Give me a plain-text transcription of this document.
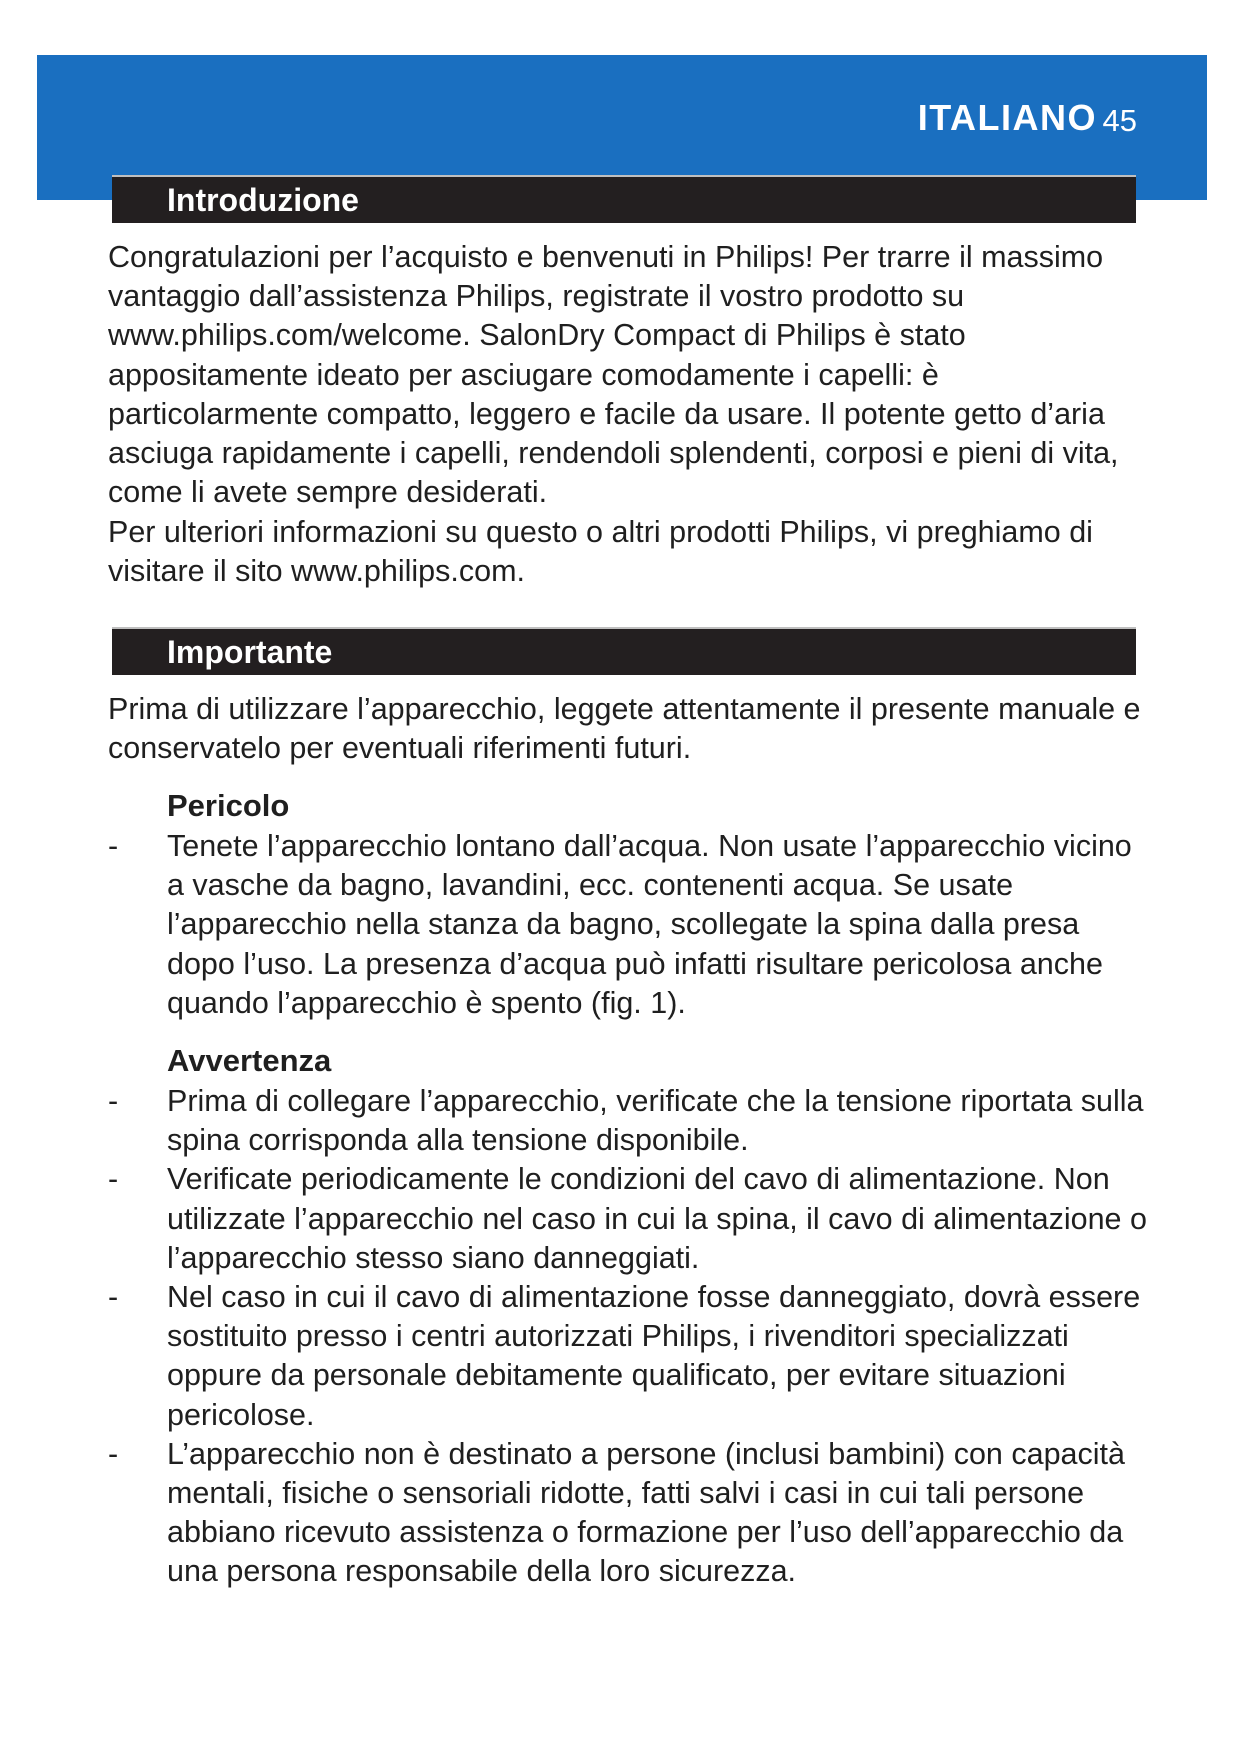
ITALIANO 45
Introduzione

Congratulazioni per l’acquisto e benvenuti in Philips! Per trarre il massimo vantaggio dall’assistenza Philips, registrate il vostro prodotto su www.philips.com/welcome. SalonDry Compact di Philips è stato appositamente ideato per asciugare comodamente i capelli: è particolarmente compatto, leggero e facile da usare. Il potente getto d’aria asciuga rapidamente i capelli, rendendoli splendenti, corposi e pieni di vita, come li avete sempre desiderati.

Per ulteriori informazioni su questo o altri prodotti Philips, vi preghiamo di visitare il sito www.philips.com.

Importante

Prima di utilizzare l’apparecchio, leggete attentamente il presente manuale e conservatelo per eventuali riferimenti futuri.

Pericolo
-	Tenete l’apparecchio lontano dall’acqua. Non usate l’apparecchio vicino a vasche da bagno, lavandini, ecc. contenenti acqua. Se usate l’apparecchio nella stanza da bagno, scollegate la spina dalla presa dopo l’uso. La presenza d’acqua può infatti risultare pericolosa anche quando l’apparecchio è spento (fig. 1).
Avvertenza
-	Prima di collegare l’apparecchio, verificate che la tensione riportata sulla spina corrisponda alla tensione disponibile.
-	Verificate periodicamente le condizioni del cavo di alimentazione. Non utilizzate l’apparecchio nel caso in cui la spina, il cavo di alimentazione o l’apparecchio stesso siano danneggiati.
-	Nel caso in cui il cavo di alimentazione fosse danneggiato, dovrà essere sostituito presso i centri autorizzati Philips, i rivenditori specializzati oppure da personale debitamente qualificato, per evitare situazioni pericolose.
-	L’apparecchio non è destinato a persone (inclusi bambini) con capacità mentali, fisiche o sensoriali ridotte, fatti salvi i casi in cui tali persone abbiano ricevuto assistenza o formazione per l’uso dell’apparecchio da una persona responsabile della loro sicurezza.
